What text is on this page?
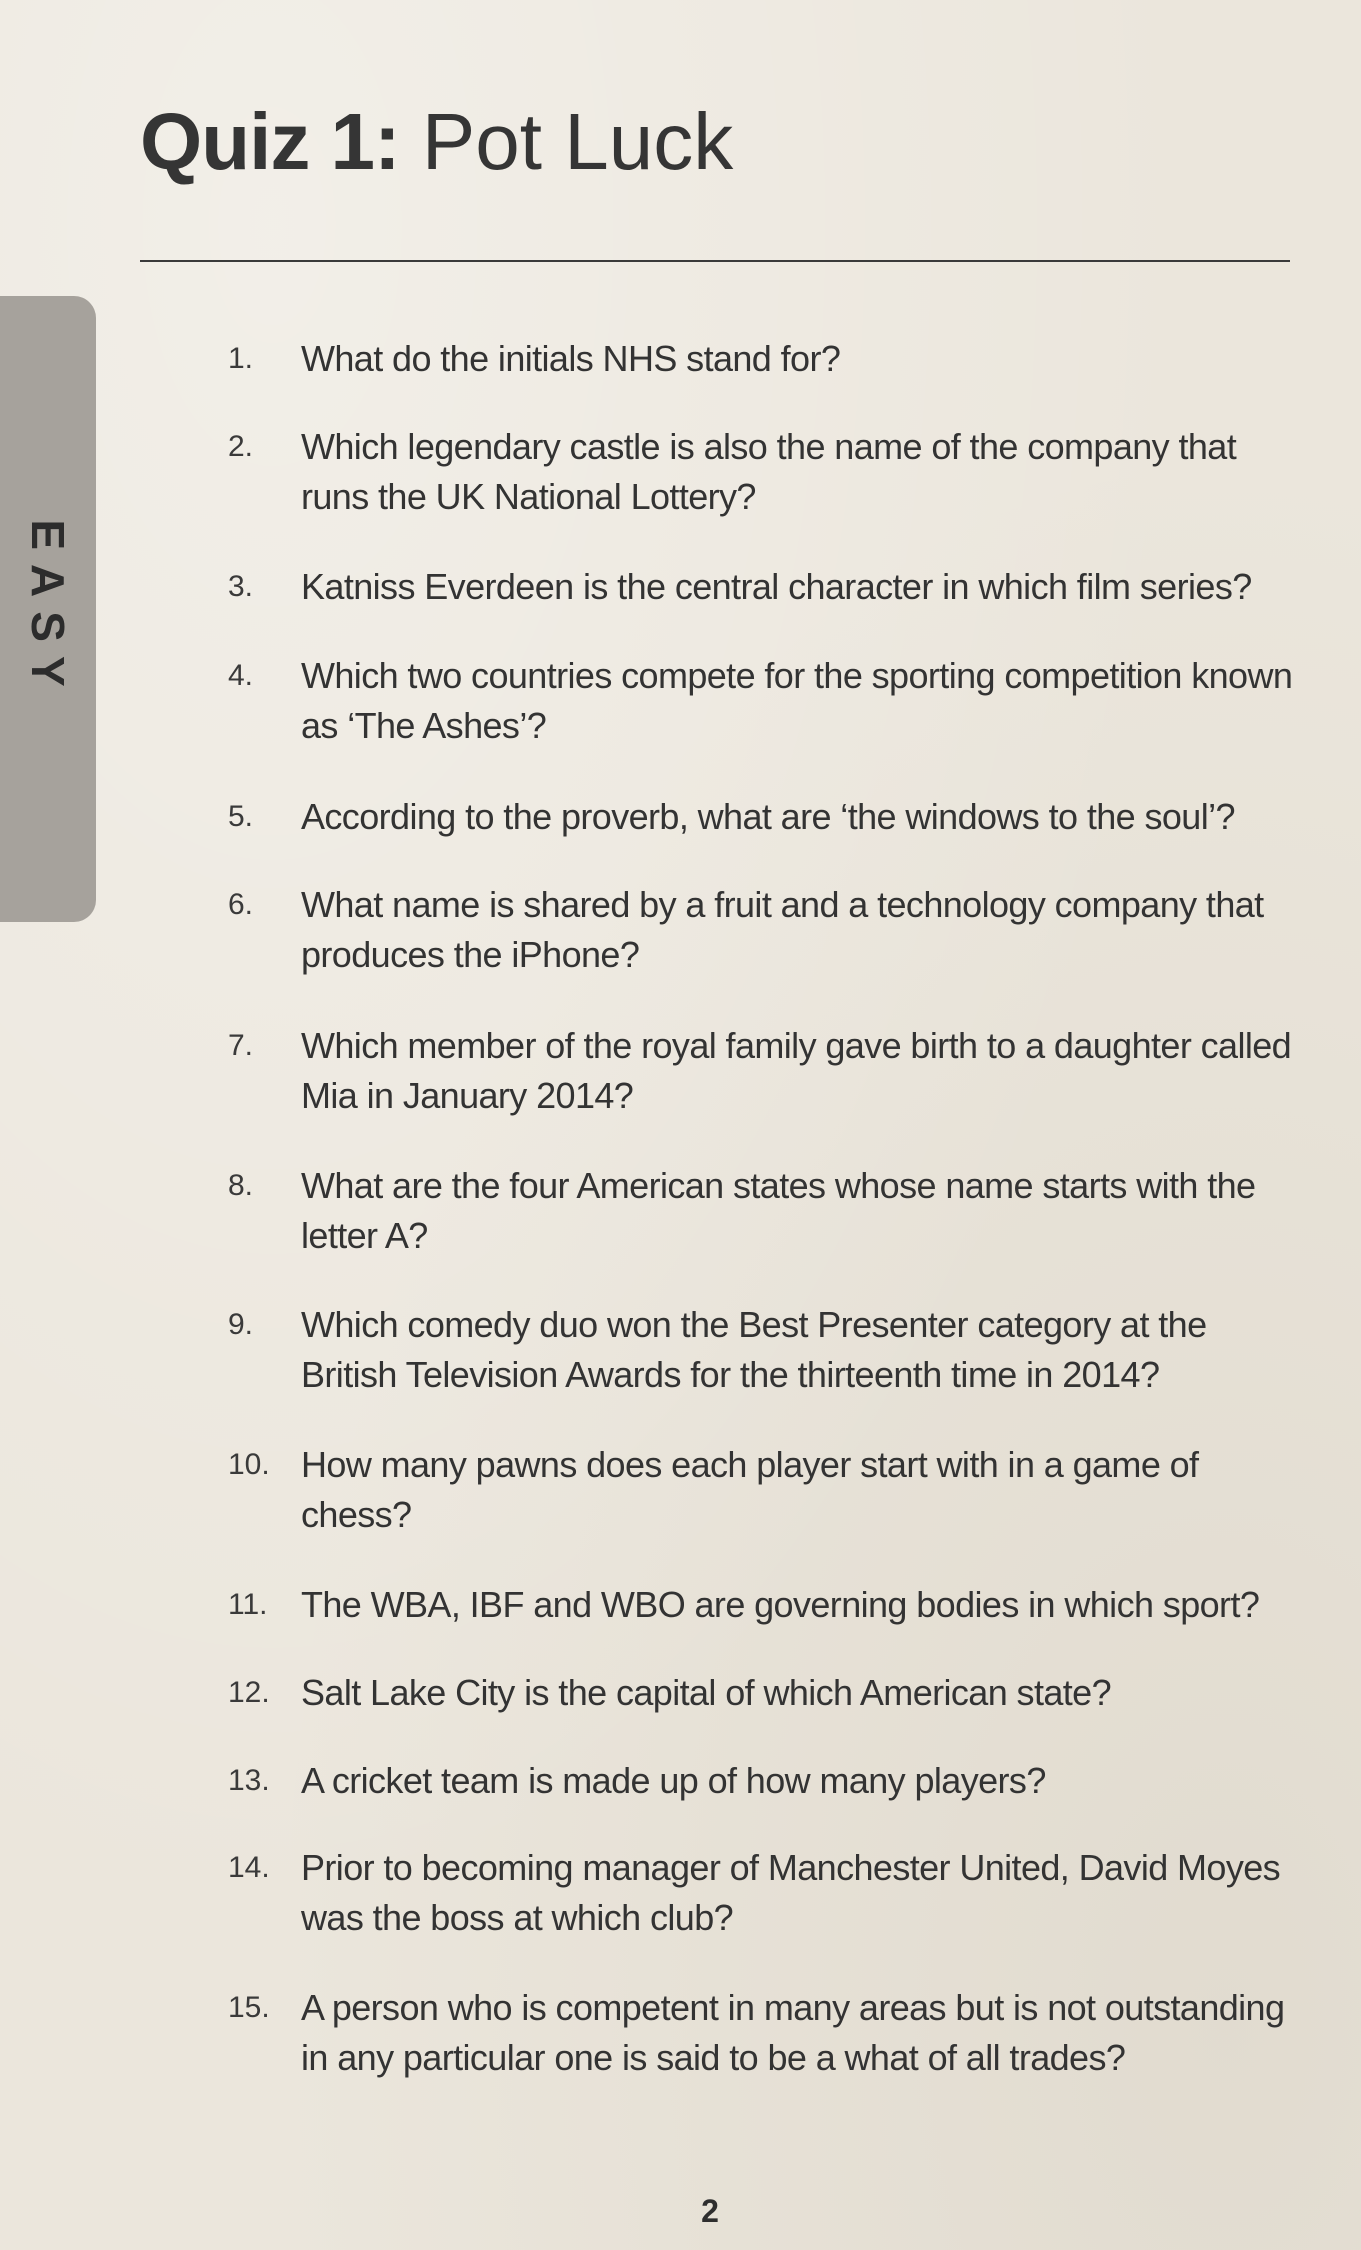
Quiz 1: Pot Luck
EASY
1.	What do the initials NHS stand for?
2.	Which legendary castle is also the name of the company that runs the UK National Lottery?
3.	Katniss Everdeen is the central character in which film series?
4.	Which two countries compete for the sporting competition known as ‘The Ashes’?
5.	According to the proverb, what are ‘the windows to the soul’?
6.	What name is shared by a fruit and a technology company that produces the iPhone?
7.	Which member of the royal family gave birth to a daughter called Mia in January 2014?
8.	What are the four American states whose name starts with the letter A?
9.	Which comedy duo won the Best Presenter category at the British Television Awards for the thirteenth time in 2014?
10. How many pawns does each player start with in a game of chess?
11. The WBA, IBF and WBO are governing bodies in which sport?
12. Salt Lake City is the capital of which American state?
13. A cricket team is made up of how many players?
14. Prior to becoming manager of Manchester United, David Moyes was the boss at which club?
15. A person who is competent in many areas but is not outstanding in any particular one is said to be a what of all trades?
2
